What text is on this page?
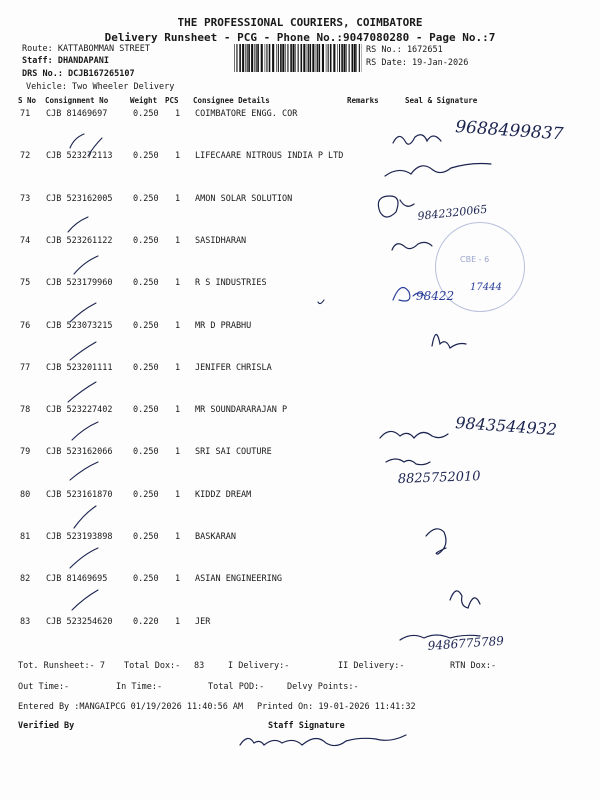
THE PROFESSIONAL COURIERS, COIMBATORE
Delivery Runsheet - PCG - Phone No.:9047080280 - Page No.:7
Route: KATTABOMMAN STREET
Staff: DHANDAPANI
DRS No.: DCJB167265107
Vehicle: Two Wheeler Delivery
RS No.: 1672651
RS Date: 19-Jan-2026
S No Consignment No	Weight PCS Consignee Details	Remarks	Seal & Signature
71 CJB 81469697	0.250 1 COIMBATORE ENGG. COR
72 CJB 523272113 0.250 1 LIFECAARE NITROUS INDIA P LTD
73 CJB 523162005 0.250 1 AMON SOLAR SOLUTION
74 CJB 523261122 0.250 1 SASIDHARAN
75 CJB 523179960 0.250 1 R S INDUSTRIES
76 CJB 523073215 0.250 1 MR D PRABHU
77 CJB 523201111 0.250 1 JENIFER CHRISLA
78 CJB 523227402 0.250 1 MR SOUNDARARAJAN P
79 CJB 523162066 0.250 1 SRI SAI COUTURE
80 CJB 523161870 0.250 1 KIDDZ DREAM
81 CJB 523193898 0.250 1 BASKARAN
82 CJB 81469695	0.250 1 ASIAN ENGINEERING
83 CJB 523254620 0.220 1 JER
Tot. Runsheet:- 7 Total Dox:- 83	I Delivery:-	II Delivery:-	RTN Dox:-
Out Time:-	In Time:-	Total POD:-	Delvy Points:-
Entered By :MANGAIPCG 01/19/2026 11:40:56 AM Printed On: 19-01-2026 11:41:32
Verified By	Staff Signature
9688499837
9843544932
8825752010
9486775789
9842320065
17444
98422
CBE - 6
